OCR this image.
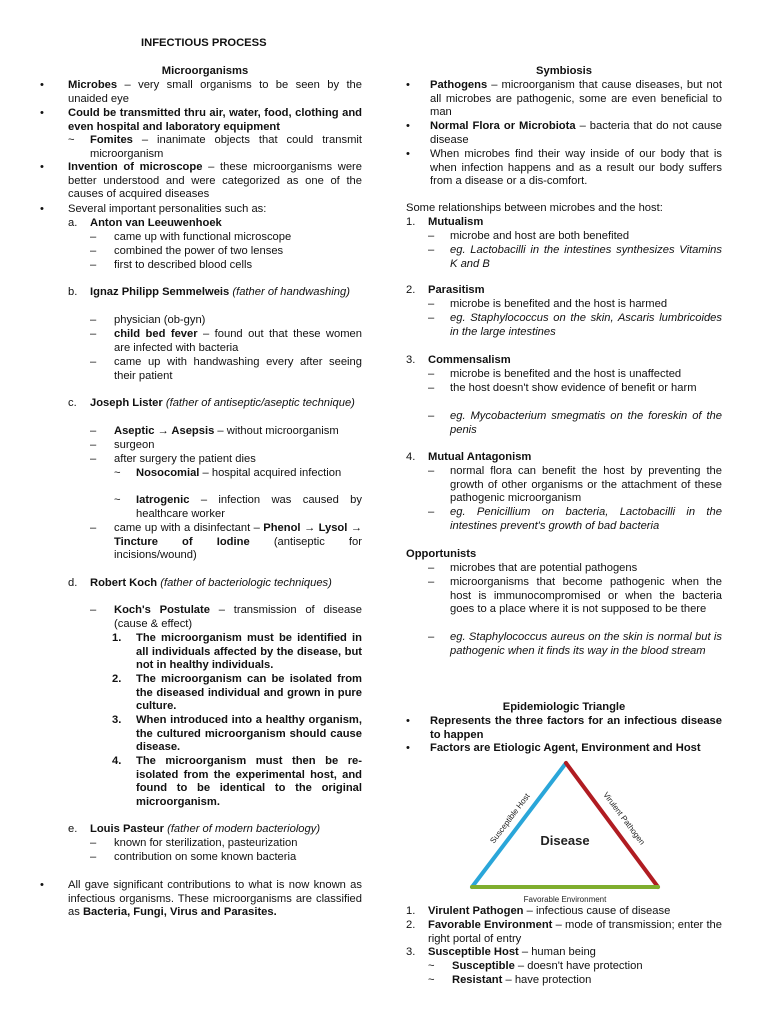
INFECTIOUS PROCESS
Microorganisms
•	Microbes – very small organisms to be seen by the unaided eye
•	Could be transmitted thru air, water, food, clothing and even hospital and laboratory equipment
~	Fomites – inanimate objects that could transmit microorganism
•	Invention of microscope – these microorganisms were better understood and were categorized as one of the causes of acquired diseases
•	Several important personalities such as:
a.	Anton van Leeuwenhoek
–	came up with functional microscope
–	combined the power of two lenses
–	first to described blood cells
b.	Ignaz Philipp Semmelweis (father of handwashing)
–	physician (ob-gyn)
–	child bed fever – found out that these women are infected with bacteria
–	came up with handwashing every after seeing their patient
c.	Joseph Lister (father of antiseptic/aseptic technique)
–	Aseptic → Asepsis – without microorganism
–	surgeon
–	after surgery the patient dies
~	Nosocomial – hospital acquired infection
~	Iatrogenic – infection was caused by healthcare worker
–	came up with a disinfectant – Phenol → Lysol → Tincture of Iodine (antiseptic for incisions/wound)
d.	Robert Koch (father of bacteriologic techniques)
–	Koch's Postulate – transmission of disease (cause & effect)
1.	The microorganism must be identified in all individuals affected by the disease, but not in healthy individuals.
2.	The microorganism can be isolated from the diseased individual and grown in pure culture.
3.	When introduced into a healthy organism, the cultured microorganism should cause disease.
4.	The microorganism must then be re-isolated from the experimental host, and found to be identical to the original microorganism.
e.	Louis Pasteur (father of modern bacteriology)
–	known for sterilization, pasteurization
–	contribution on some known bacteria
•	All gave significant contributions to what is now known as infectious organisms. These microorganisms are classified as Bacteria, Fungi, Virus and Parasites.
Symbiosis
•	Pathogens – microorganism that cause diseases, but not all microbes are pathogenic, some are even beneficial to man
•	Normal Flora or Microbiota – bacteria that do not cause disease
•	When microbes find their way inside of our body that is when infection happens and as a result our body suffers from a disease or a dis-comfort.
Some relationships between microbes and the host:
1.	Mutualism
–	microbe and host are both benefited
–	eg. Lactobacilli in the intestines synthesizes Vitamins K and B
2.	Parasitism
–	microbe is benefited and the host is harmed
–	eg. Staphylococcus on the skin, Ascaris lumbricoides in the large intestines
3.	Commensalism
–	microbe is benefited and the host is unaffected
–	the host doesn't show evidence of benefit or harm
–	eg. Mycobacterium smegmatis on the foreskin of the penis
4.	Mutual Antagonism
–	normal flora can benefit the host by preventing the growth of other organisms or the attachment of these pathogenic microorganism
–	eg. Penicillium on bacteria, Lactobacilli in the intestines prevent's growth of bad bacteria
Opportunists
–	microbes that are potential pathogens
–	microorganisms that become pathogenic when the host is immunocompromised or when the bacteria goes to a place where it is not supposed to be there
–	eg. Staphylococcus aureus on the skin is normal but is pathogenic when it finds its way in the blood stream
Epidemiologic Triangle
•	Represents the three factors for an infectious disease to happen
•	Factors are Etiologic Agent, Environment and Host
Disease
Susceptible Host	Virulent Pathogen
Favorable Environment
1.	Virulent Pathogen – infectious cause of disease
2.	Favorable Environment – mode of transmission; enter the right portal of entry
3.	Susceptible Host – human being
~	Susceptible – doesn't have protection
~	Resistant – have protection
